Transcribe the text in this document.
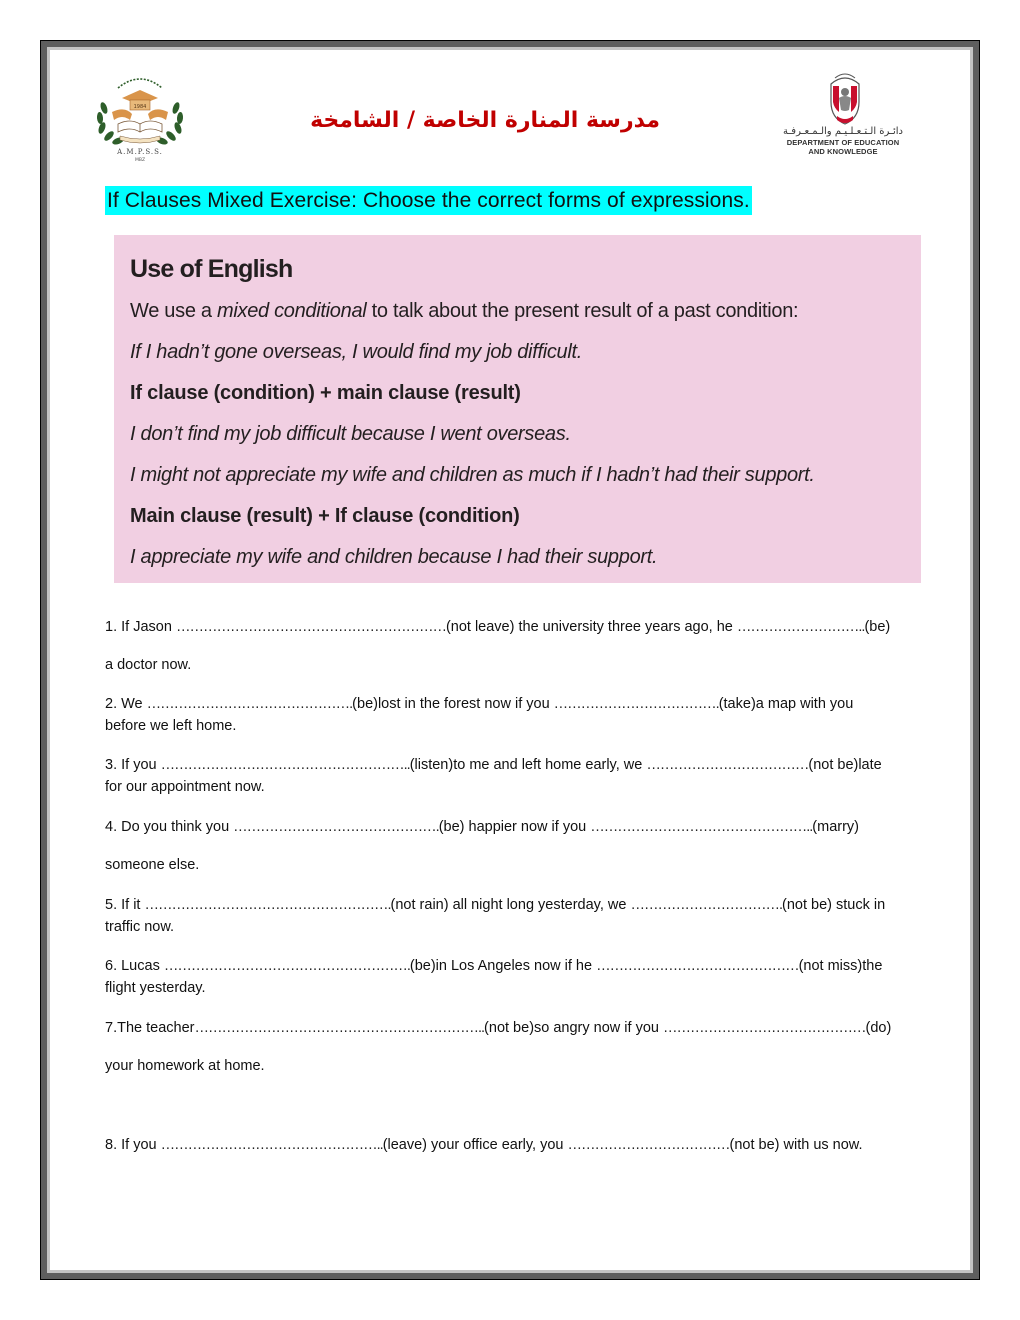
1984
A.M.P.S.S.
MBZ
مدرسة المنارة الخاصة / الشامخة	دائـرة الـتـعـلـيـم والـمـعـرفـة
DEPARTMENT OF EDUCATION
AND KNOWLEDGE
If Clauses Mixed Exercise: Choose the correct forms of expressions.
Use of English
We use a mixed conditional to talk about the present result of a past condition:
If I hadn’t gone overseas, I would find my job difficult.
If clause (condition) + main clause (result)
I don’t find my job difficult because I went overseas.
I might not appreciate my wife and children as much if I hadn’t had their support.
Main clause (result) + If clause (condition)
I appreciate my wife and children because I had their support.
1. If Jason ……………………………………………………(not leave) the university three years ago, he ………………………..(be)
a doctor now.
2. We ……………………………………….(be)lost in the forest now if you ……………………………….(take)a map with you
before we left home.
3. If you ………………………………………………..(listen)to me and left home early, we ………………………………(not be)late
for our appointment now.
4. Do you think you ……………………………………….(be) happier now if you …………………………………………..(marry)
someone else.
5. If it ……………………………………………….(not rain) all night long yesterday, we …………………………….(not be) stuck in
traffic now.
6. Lucas ……………………………………………….(be)in Los Angeles now if he ………………………………………(not miss)the
flight yesterday.
7.The teacher………………………………………………………..(not be)so angry now if you ………………………………………(do)
your homework at home.
8. If you …………………………………………..(leave) your office early, you ………………………………(not be) with us now.
